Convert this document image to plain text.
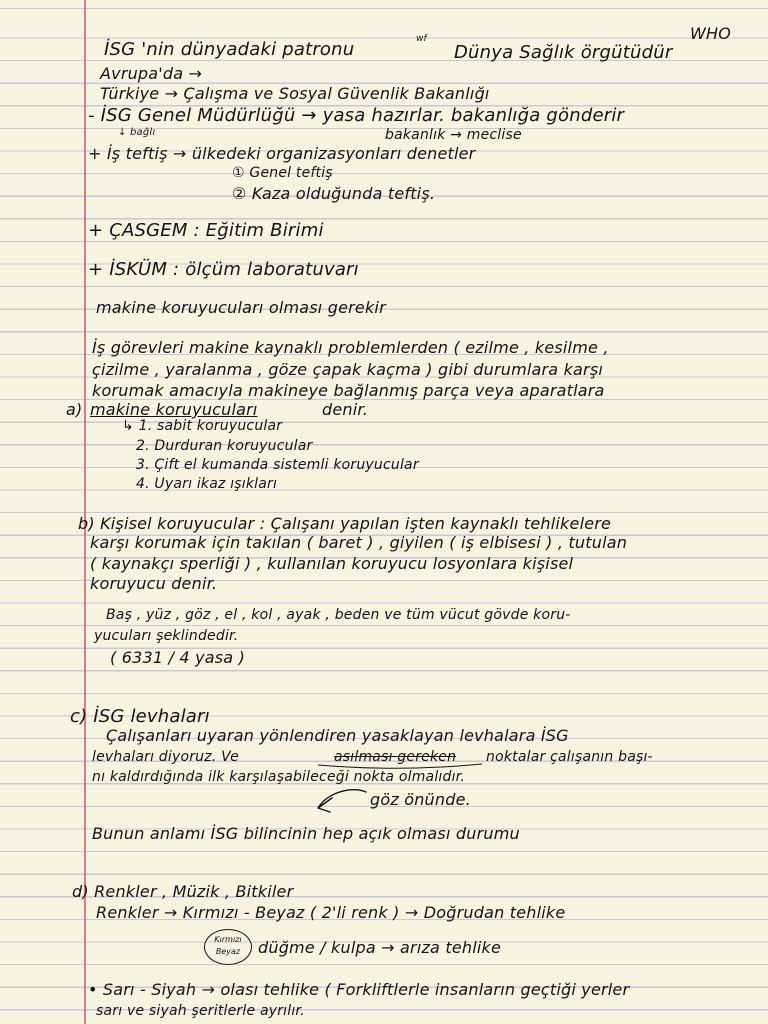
WHO
İSG 'nin dünyadaki patronu	wf
Dünya Sağlık örgütüdür
Avrupa'da →
Türkiye → Çalışma ve Sosyal Güvenlik Bakanlığı
- İSG Genel Müdürlüğü → yasa hazırlar. bakanlığa gönderir
↓ bağlı	bakanlık → meclise
+ İş teftiş → ülkedeki organizasyonları denetler
① Genel teftiş
② Kaza olduğunda teftiş.
+ ÇASGEM : Eğitim Birimi
+ İSKÜM : ölçüm laboratuvarı
makine koruyucuları olması gerekir
İş görevleri makine kaynaklı problemlerden ( ezilme , kesilme ,
çizilme , yaralanma , göze çapak kaçma ) gibi durumlara karşı
korumak amacıyla makineye bağlanmış parça veya aparatlara
a) makine koruyucuları	denir.
↳ 1. sabit koruyucular
2. Durduran koruyucular
3. Çift el kumanda sistemli koruyucular
4. Uyarı ikaz ışıkları
b) Kişisel koruyucular : Çalışanı yapılan işten kaynaklı tehlikelere
karşı korumak için takılan ( baret ) , giyilen ( iş elbisesi ) , tutulan
( kaynakçı sperliği ) , kullanılan koruyucu losyonlara kişisel
koruyucu denir.
Baş , yüz , göz , el , kol , ayak , beden ve tüm vücut gövde koru-
yucuları şeklindedir.
( 6331 / 4 yasa )
c) İSG levhaları
Çalışanları uyaran yönlendiren yasaklayan levhalara İSG
levhaları diyoruz. Ve	asılması gereken noktalar çalışanın başı-
nı kaldırdığında ilk karşılaşabileceği nokta olmalıdır.
göz önünde.
Bunun anlamı İSG bilincinin hep açık olması durumu
d) Renkler , Müzik , Bitkiler
Renkler → Kırmızı - Beyaz ( 2'li renk ) → Doğrudan tehlike
Kırmızı
Beyaz	düğme / kulpa → arıza tehlike
• Sarı - Siyah → olası tehlike ( Forkliftlerle insanların geçtiği yerler
sarı ve siyah şeritlerle ayrılır.
